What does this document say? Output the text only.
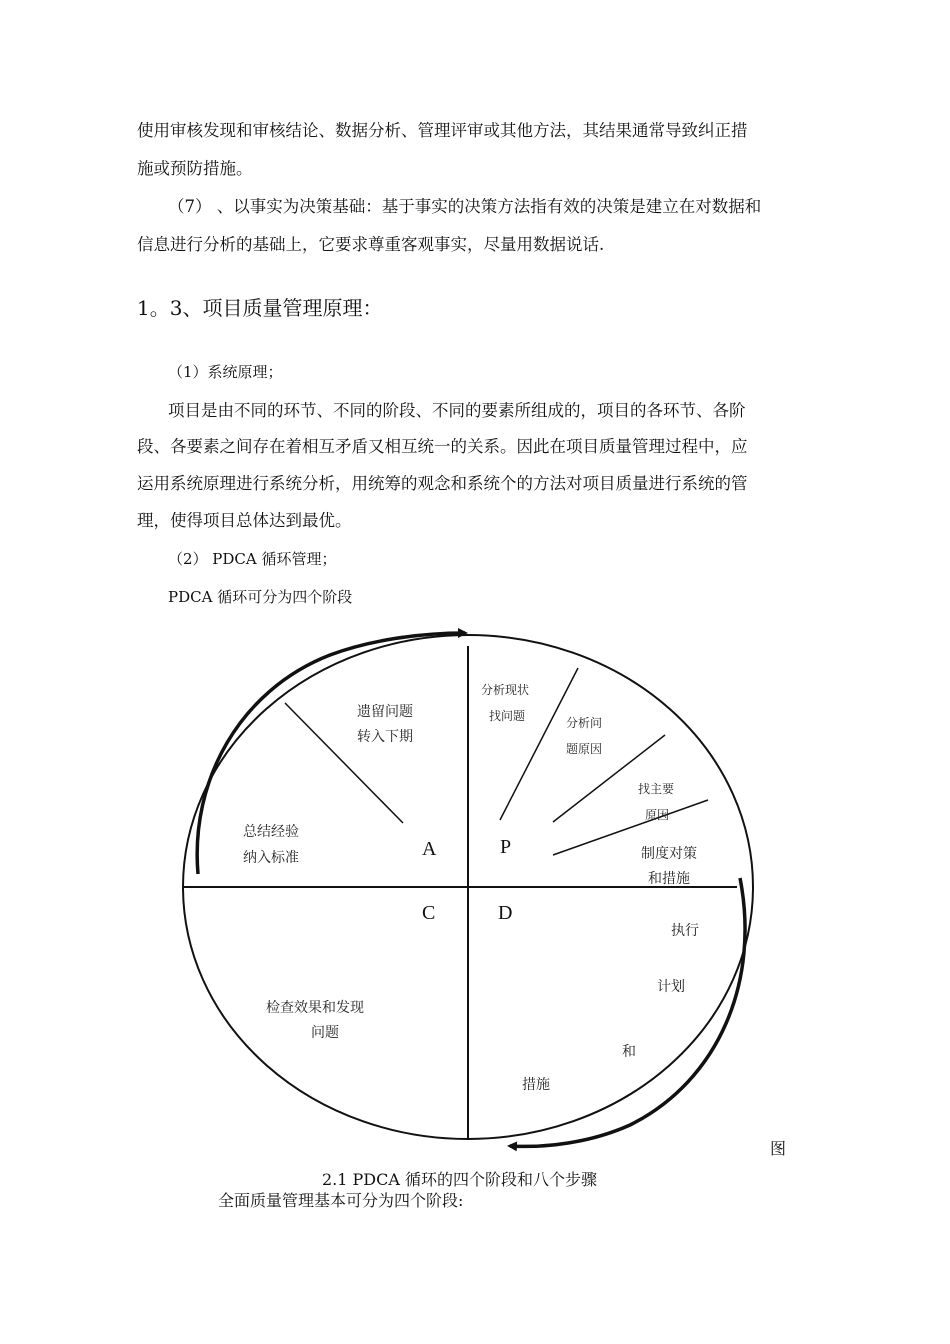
使用审核发现和审核结论、数据分析、管理评审或其他方法，其结果通常导致纠正措

施或预防措施。

（7） 、以事实为决策基础：基于事实的决策方法指有效的决策是建立在对数据和

信息进行分析的基础上，它要求尊重客观事实，尽量用数据说话.

1。3、项目质量管理原理：

（1）系统原理；

项目是由不同的环节、不同的阶段、不同的要素所组成的，项目的各环节、各阶

段、各要素之间存在着相互矛盾又相互统一的关系。因此在项目质量管理过程中，应

运用系统原理进行系统分析，用统筹的观念和系统个的方法对项目质量进行系统的管

理，使得项目总体达到最优。

（2） PDCA 循环管理；

PDCA 循环可分为四个阶段

A	P
C	D
遗留问题
转入下期
总结经验
纳入标准
分析现状
找问题	分析问
题原因
找主要
原因
制度对策
和措施
执行
计划
和
措施
检查效果和发现
问题
图
2.1 PDCA 循环的四个阶段和八个步骤
全面质量管理基本可分为四个阶段:
